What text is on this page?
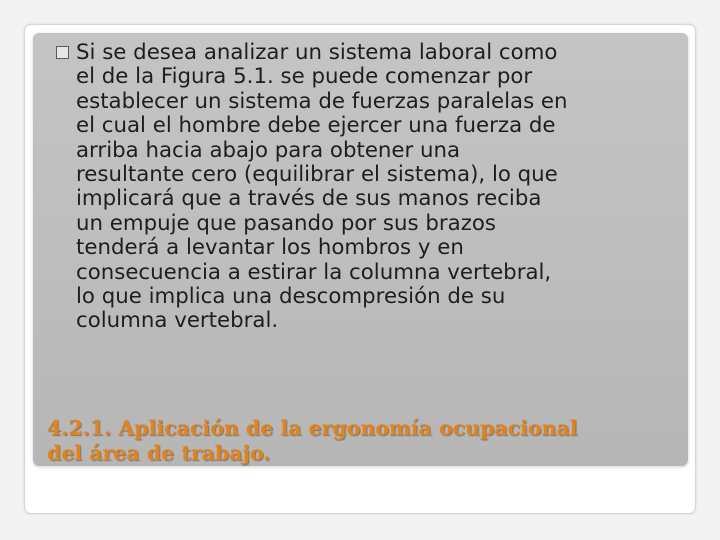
Si se desea analizar un sistema laboral como
el de la Figura 5.1. se puede comenzar por
establecer un sistema de fuerzas paralelas en
el cual el hombre debe ejercer una fuerza de
arriba hacia abajo para obtener una
resultante cero (equilibrar el sistema), lo que
implicará que a través de sus manos reciba
un empuje que pasando por sus brazos
tenderá a levantar los hombros y en
consecuencia a estirar la columna vertebral,
lo que implica una descompresión de su
columna vertebral.

4.2.1. Aplicación de la ergonomía ocupacional
del área de trabajo.
